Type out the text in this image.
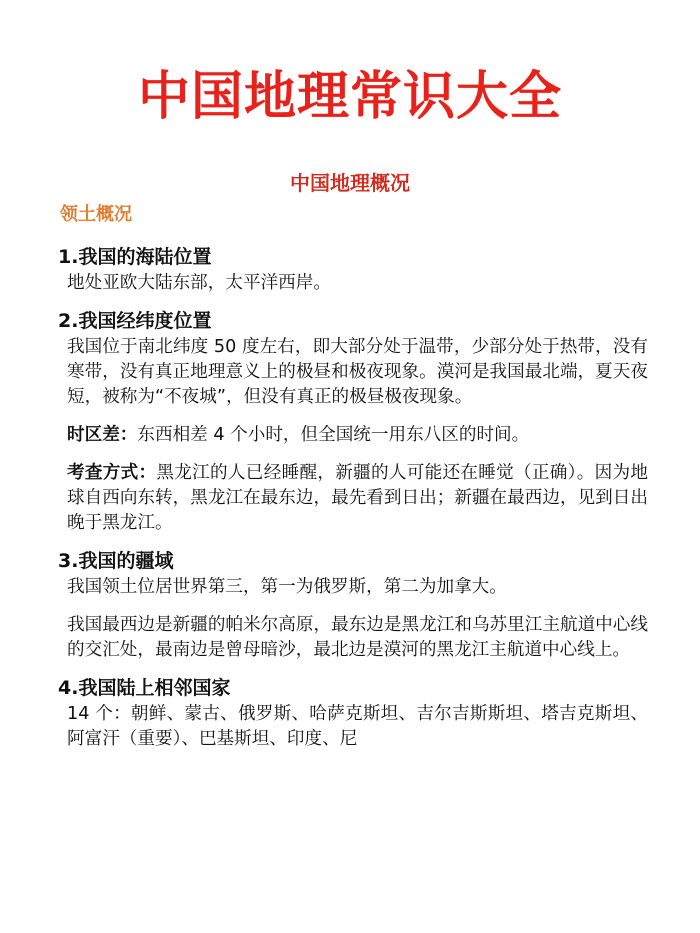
中国地理常识大全
中国地理概况
领土概况
1.我国的海陆位置

地处亚欧大陆东部，太平洋西岸。

2.我国经纬度位置

我国位于南北纬度 50 度左右，即大部分处于温带，少部分处于热带，没有寒带，没有真正地理意义上的极昼和极夜现象。漠河是我国最北端，夏天夜短，被称为“不夜城”，但没有真正的极昼极夜现象。

时区差：东西相差 4 个小时，但全国统一用东八区的时间。

考查方式：黑龙江的人已经睡醒，新疆的人可能还在睡觉（正确）。因为地球自西向东转，黑龙江在最东边，最先看到日出；新疆在最西边，见到日出晚于黑龙江。

3.我国的疆域

我国领土位居世界第三，第一为俄罗斯，第二为加拿大。

我国最西边是新疆的帕米尔高原，最东边是黑龙江和乌苏里江主航道中心线的交汇处，最南边是曾母暗沙，最北边是漠河的黑龙江主航道中心线上。

4.我国陆上相邻国家

14 个：朝鲜、蒙古、俄罗斯、哈萨克斯坦、吉尔吉斯斯坦、塔吉克斯坦、阿富汗（重要）、巴基斯坦、印度、尼
